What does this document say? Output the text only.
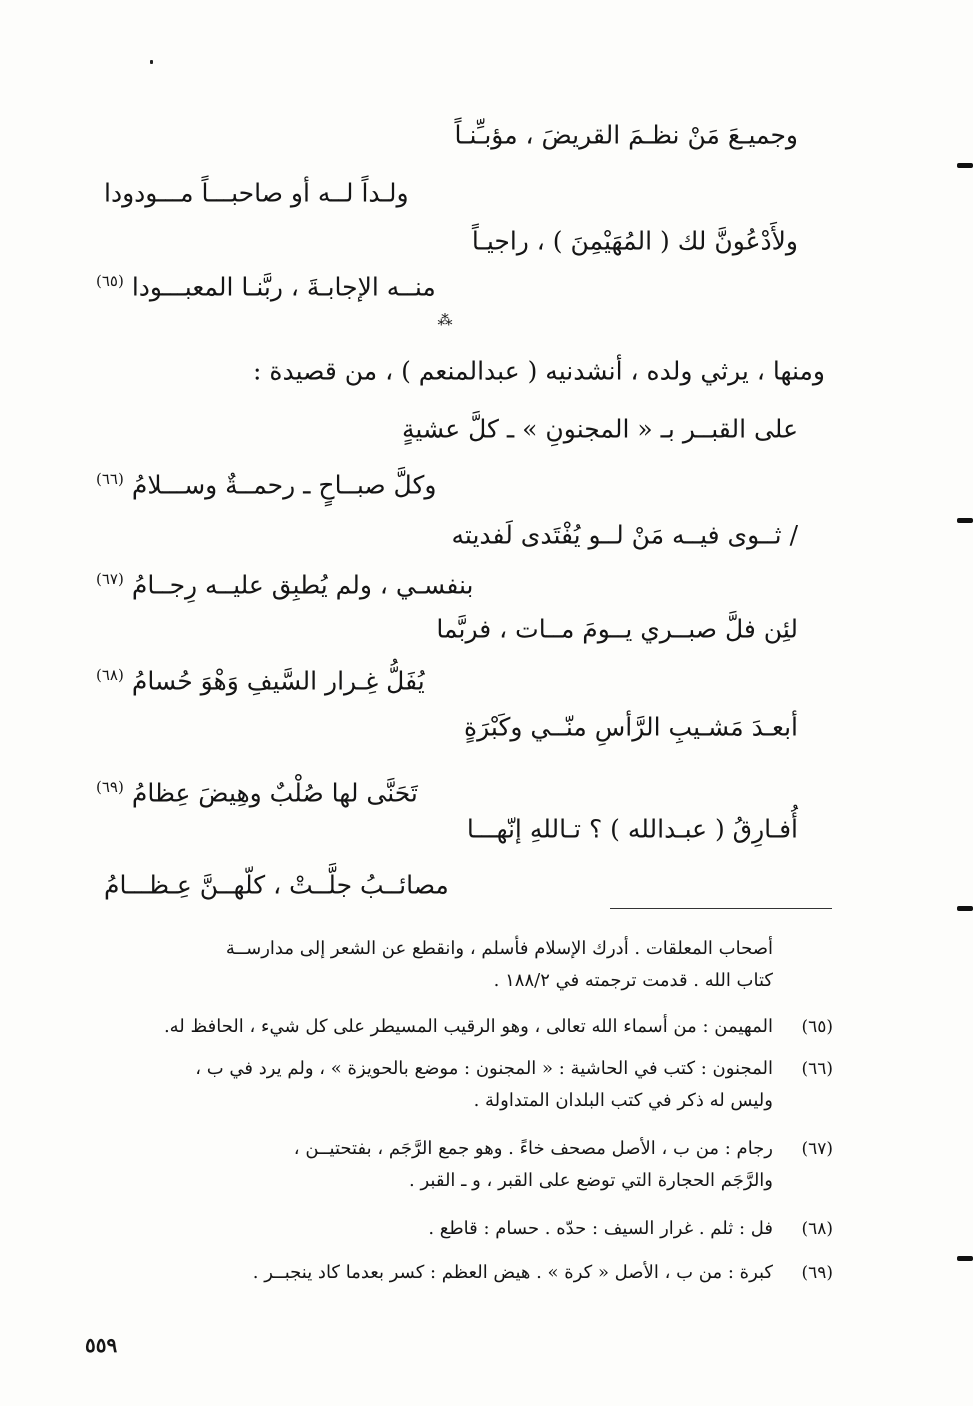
وجميـعَ مَنْ نظـمَ القريضَ ، مؤبـِّنـاً
ولـداً لــه أو صاحبـــاً مـــودودا
ولأَدْعُونَّ لك ( المُهَيْمِنَ ) ، راجيـاً
منــه الإجابـةَ ، ربَّنـا المعبـــودا$^{(٦٥)}$
⁂
ومنها ، يرثي ولده ، أنشدنيه ( عبدالمنعم ) ، من قصيدة :
على القبــر بـ « المجنونِ » ـ كلَّ عشيةٍ
وكلَّ صبــاحٍ ـ رحمــةٌ وســـلامُ$^{(٦٦)}$
/ ثــوى فيــه مَنْ لــو يُفْتَدى لَفديته
بنفسـي ، ولم يُطبِق عليــه رِجــامُ$^{(٦٧)}$
لئِن فلَّ صبــري يــومَ مــات ، فربَّما
يُفَلُّ غِـرار السَّيفِ وَهْوَ حُسامُ$^{(٦٨)}$
أبعـدَ مَشـيبِ الرَّأسِ منّــي وكَبْرَةٍ
تَحَنَّى لها صُلْبٌ وهِيضَ عِظامُ$^{(٦٩)}$
أُفـارِقُ ( عبـدالله ) ؟ تـاللهِ إنّهـــا
مصائــبُ جلَّــتْ ، كلّهــنَّ عِـظـــامُ
أصحاب المعلقات . أدرك الإسلام فأسلم ، وانقطع عن الشعر إلى مدارســة
كتاب الله . قدمت ترجمته في ١٨٨/٢ .
(٦٥)
المهيمن : من أسماء الله تعالى ، وهو الرقيب المسيطر على كل شيء ، الحافظ له.
(٦٦)
المجنون : كتب في الحاشية : « المجنون : موضع بالحويزة » ، ولم يرد في ب ،
وليس له ذكر في كتب البلدان المتداولة .
(٦٧)
رجام : من ب ، الأصل مصحف خاءً . وهو جمع الرَّجَم ، بفتحتيــن ،
والرَّجَم الحجارة التي توضع على القبر ، و ـ القبر .
(٦٨)
فل : ثلم . غرار السيف : حدّه . حسام : قاطع .
(٦٩)
كبرة : من ب ، الأصل « كرة » . هيض العظم : كسر بعدما كاد ينجبــر .
٥٥٩
